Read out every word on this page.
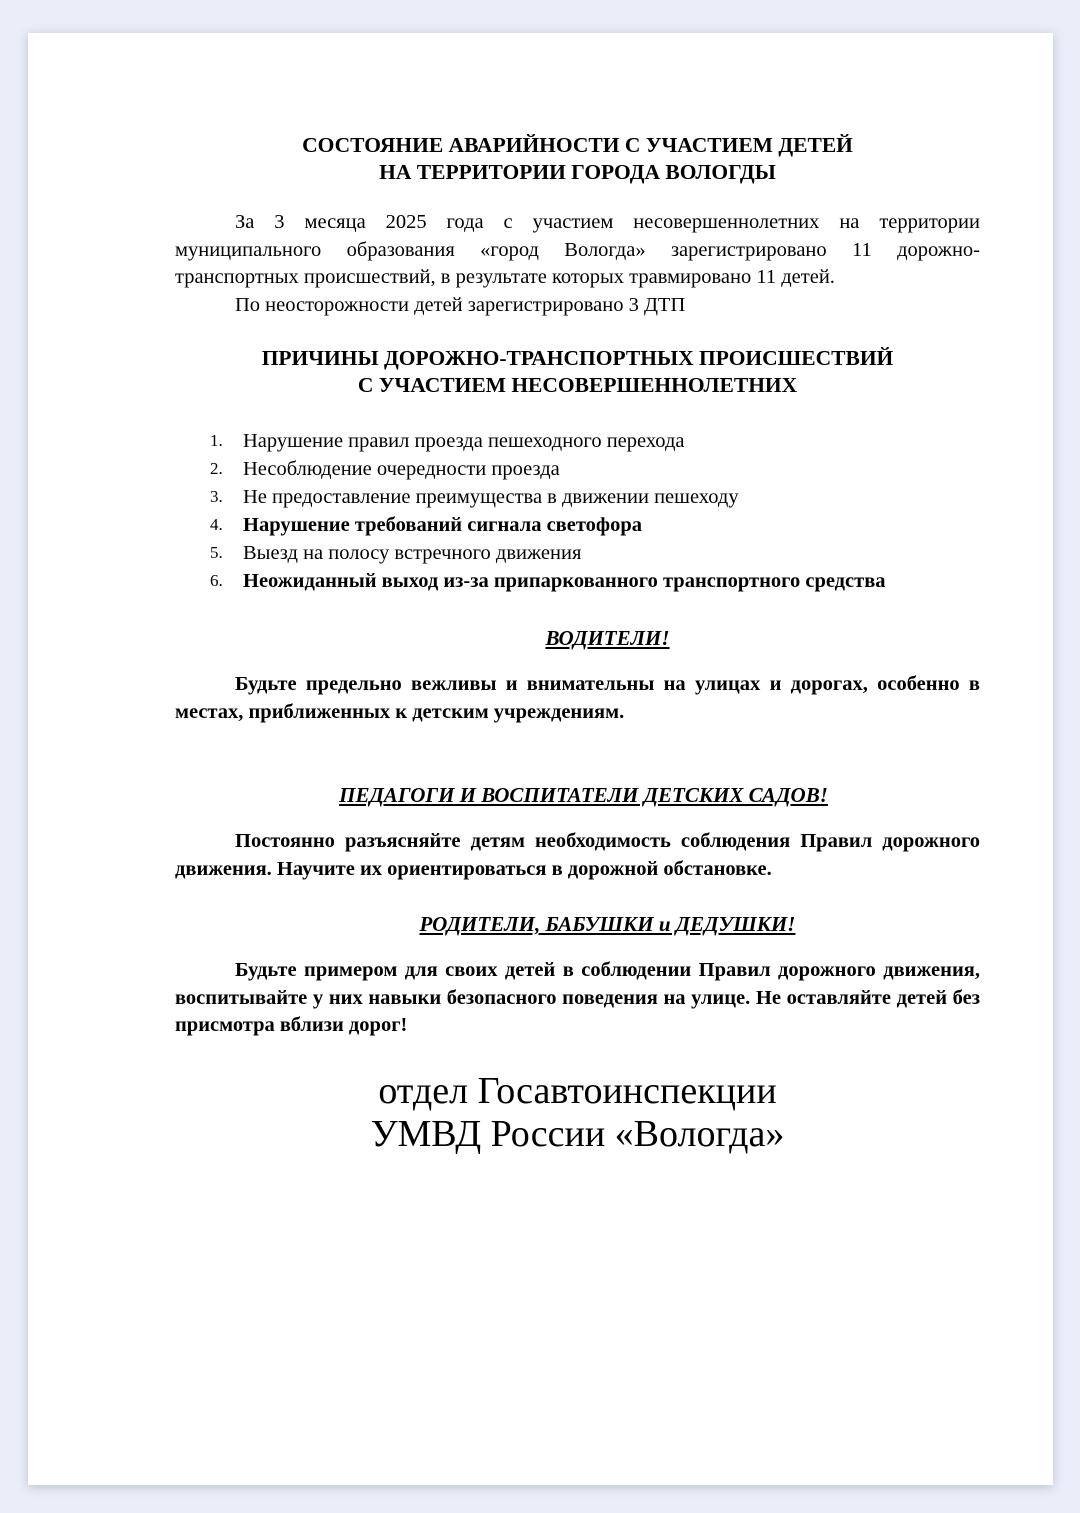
СОСТОЯНИЕ АВАРИЙНОСТИ С УЧАСТИЕМ ДЕТЕЙ
НА ТЕРРИТОРИИ ГОРОДА ВОЛОГДЫ

За 3 месяца 2025 года с участием несовершеннолетних на территории муниципального образования «город Вологда» зарегистрировано 11 дорожно-транспортных происшествий, в результате которых травмировано 11 детей.

По неосторожности детей зарегистрировано 3 ДТП

ПРИЧИНЫ ДОРОЖНО-ТРАНСПОРТНЫХ ПРОИСШЕСТВИЙ
С УЧАСТИЕМ НЕСОВЕРШЕННОЛЕТНИХ
1. Нарушение правил проезда пешеходного перехода
2. Несоблюдение очередности проезда
3. Не предоставление преимущества в движении пешеходу
4. Нарушение требований сигнала светофора
5. Выезд на полосу встречного движения
6. Неожиданный выход из-за припаркованного транспортного средства

ВОДИТЕЛИ!

Будьте предельно вежливы и внимательны на улицах и дорогах, особенно в местах, приближенных к детским учреждениям.

ПЕДАГОГИ И ВОСПИТАТЕЛИ ДЕТСКИХ САДОВ!

Постоянно разъясняйте детям необходимость соблюдения Правил дорожного движения. Научите их ориентироваться в дорожной обстановке.

РОДИТЕЛИ, БАБУШКИ и ДЕДУШКИ!

Будьте примером для своих детей в соблюдении Правил дорожного движения, воспитывайте у них навыки безопасного поведения на улице. Не оставляйте детей без присмотра вблизи дорог!

отдел Госавтоинспекции
УМВД России «Вологда»
